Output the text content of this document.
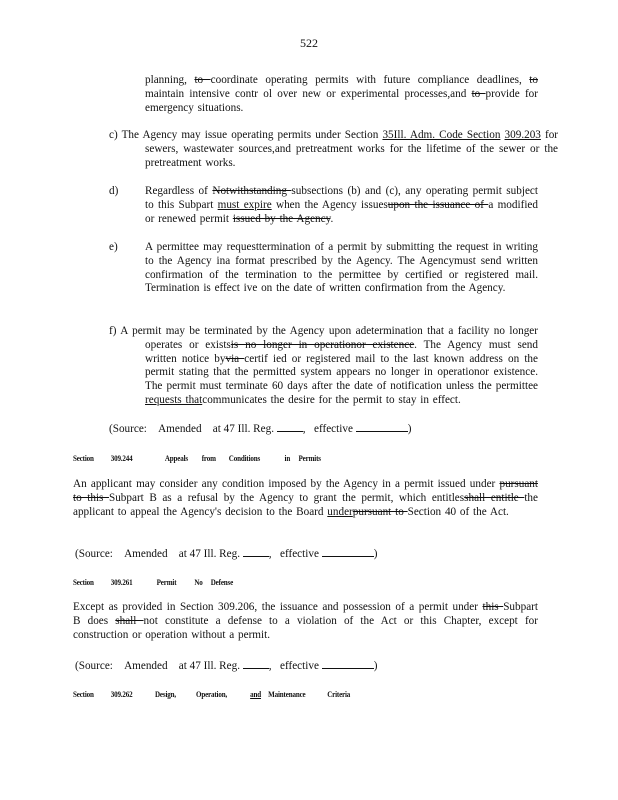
522
planning, to coordinate operating permits with future compliance deadlines, to
maintain intensive contr ol over new or experimental processes,and to provide for
emergency situations.
c) The Agency may issue operating permits under Section 35Ill. Adm. Code Section 309.203 for sewers, wastewater sources,and pretreatment works for the lifetime of the sewer or the pretreatment works.
d) Regardless of Notwithstanding subsections (b) and (c), any operating permit subject to this Subpart must expire when the Agency issuesupon the issuance of a modified or renewed permit issued by the Agency.
e) A permittee may requesttermination of a permit by submitting the request in writing to the Agency ina format prescribed by the Agency. The Agencymust send written confirmation of the termination to the permittee by certified or registered mail. Termination is effect ive on the date of written confirmation from the Agency.
f) A permit may be terminated by the Agency upon adetermination that a facility no longer operates or existsis no longer in operationor existence. The Agency must send written notice byvia certif ied or registered mail to the last known address on the permit stating that the permitted system appears no longer in operationor existence. The permit must terminate 60 days after the date of notification unless the permittee requests thatcommunicates the desire for the permit to stay in effect.
(Source: Amended at 47 Ill. Reg.	, effective	)
Section 309.244	Appeals from Conditions	in Permits
An applicant may consider any condition imposed by the Agency in a permit issued under pursuant to this Subpart B as a refusal by the Agency to grant the permit, which entitlesshall entitle the applicant to appeal the Agency's decision to the Board underpursuant to Section 40 of the Act.
(Source: Amended at 47 Ill. Reg.	, effective	)
Section 309.261	Permit No Defense
Except as provided in Section 309.206, the issuance and possession of a permit under this Subpart B does shall not constitute a defense to a violation of the Act or this Chapter, except for construction or operation without a permit.
(Source: Amended at 47 Ill. Reg.	, effective	)
Section 309.262	Design, Operation,	and Maintenance	Criteria
